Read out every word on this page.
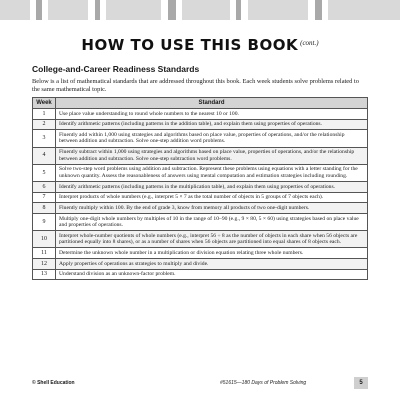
HOW TO USE THIS BOOK $^{(cont.)}$
College-and-Career Readiness Standards
Below is a list of mathematical standards that are addressed throughout this book. Each week students solve problems related to the same mathematical topic.
Week	Standard
1	Use place value understanding to round whole numbers to the nearest 10 or 100.
2	Identify arithmetic patterns (including patterns in the addition table), and explain them using properties of operations.
3	Fluently add within 1,000 using strategies and algorithms based on place value, properties of operations, and/or the relationship between addition and subtraction. Solve one-step addition word problems.
4	Fluently subtract within 1,000 using strategies and algorithms based on place value, properties of operations, and/or the relationship between addition and subtraction. Solve one-step subtraction word problems.
5	Solve two-step word problems using addition and subtraction. Represent these problems using equations with a letter standing for the unknown quantity. Assess the reasonableness of answers using mental computation and estimation strategies including rounding.
6	Identify arithmetic patterns (including patterns in the multiplication table), and explain them using properties of operations.
7	Interpret products of whole numbers (e.g., interpret 5 × 7 as the total number of objects in 5 groups of 7 objects each).
8	Fluently multiply within 100. By the end of grade 3, know from memory all products of two one-digit numbers.
9	Multiply one-digit whole numbers by multiples of 10 in the range of 10–90 (e.g., 9 × 80, 5 × 60) using strategies based on place value and properties of operations.
10	Interpret whole-number quotients of whole numbers (e.g., interpret 56 ÷ 8 as the number of objects in each share when 56 objects are partitioned equally into 8 shares), or as a number of shares when 56 objects are partitioned into equal shares of 8 objects each.
11	Determine the unknown whole number in a multiplication or division equation relating three whole numbers.
12	Apply properties of operations as strategies to multiply and divide.
13	Understand division as an unknown-factor problem.
© Shell Education	#51615—180 Days of Problem Solving	5
